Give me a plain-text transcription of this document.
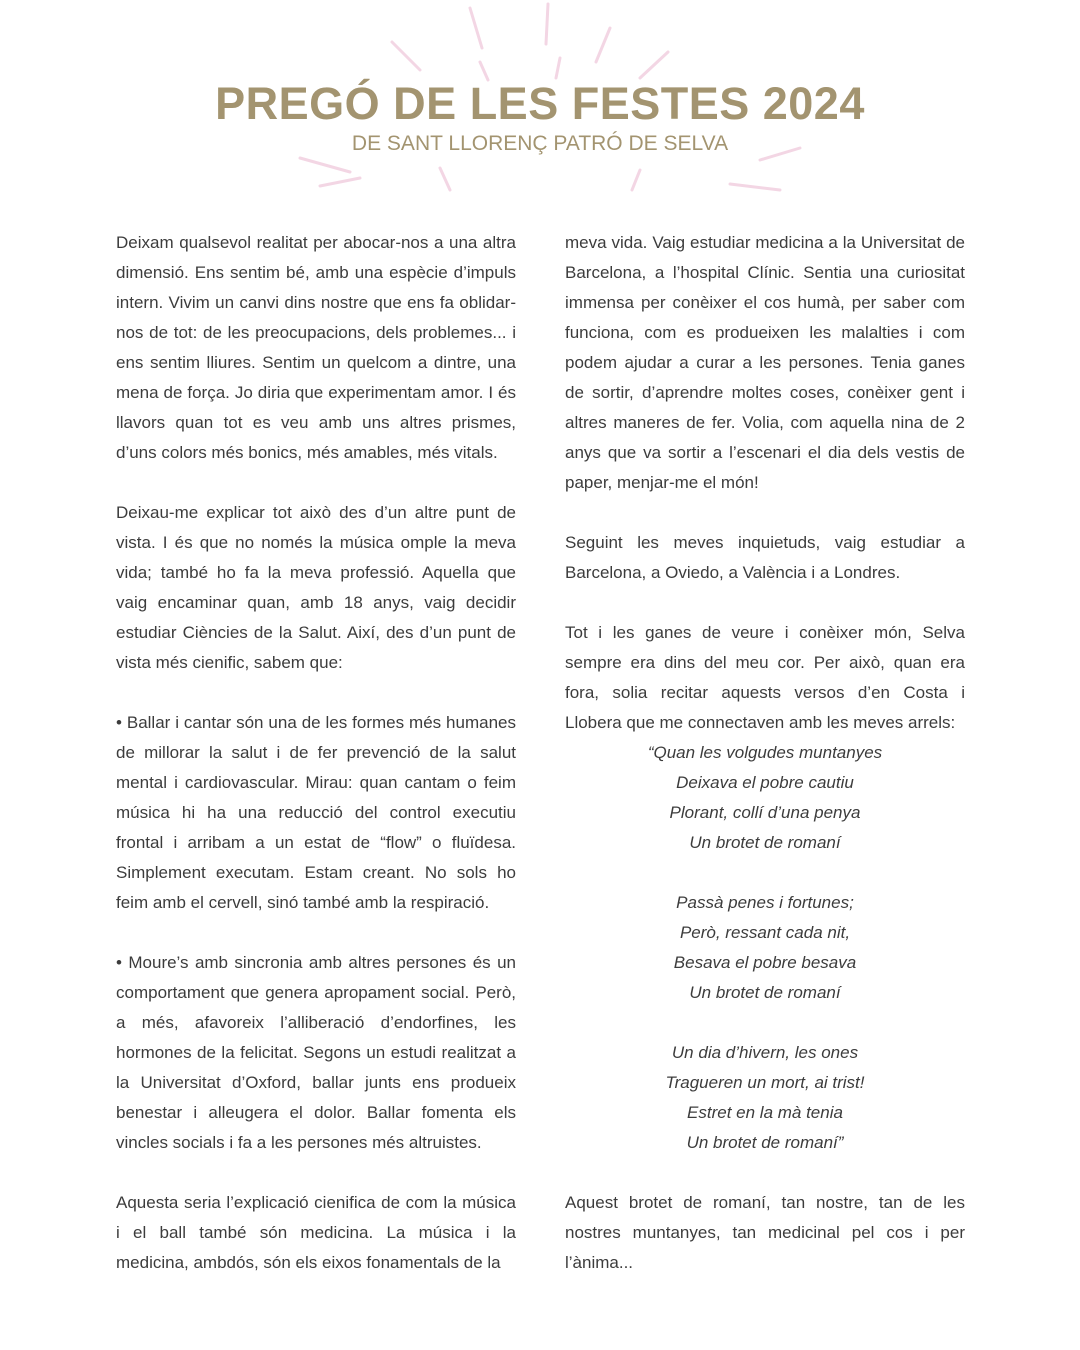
PREGÓ DE LES FESTES 2024

DE SANT LLORENÇ PATRÓ DE SELVA

Deixam qualsevol realitat per abocar-nos a una altra dimensió. Ens sentim bé, amb una espècie d’impuls intern. Vivim un canvi dins nostre que ens fa oblidar-nos de tot: de les preocupacions, dels problemes... i ens sentim lliures. Sentim un quelcom a dintre, una mena de força. Jo diria que experimentam amor. I és llavors quan tot es veu amb uns altres prismes, d’uns colors més bonics, més amables, més vitals.

Deixau-me explicar tot això des d’un altre punt de vista. I és que no només la música omple la meva vida; també ho fa la meva professió. Aquella que vaig encaminar quan, amb 18 anys, vaig decidir estudiar Ciències de la Salut. Així, des d’un punt de vista més cienific, sabem que:

• Ballar i cantar són una de les formes més humanes de millorar la salut i de fer prevenció de la salut mental i cardiovascular. Mirau: quan cantam o feim música hi ha una reducció del control executiu frontal i arribam a un estat de “flow” o fluïdesa. Simplement executam. Estam creant. No sols ho feim amb el cervell, sinó també amb la respiració.

• Moure’s amb sincronia amb altres persones és un comportament que genera apropament social. Però, a més, afavoreix l’alliberació d’endorfines, les hormones de la felicitat. Segons un estudi realitzat a la Universitat d’Oxford, ballar junts ens produeix benestar i alleugera el dolor. Ballar fomenta els vincles socials i fa a les persones més altruistes.

Aquesta seria l’explicació cienifica de com la música i el ball també són medicina. La música i la medicina, ambdós, són els eixos fonamentals de la

meva vida. Vaig estudiar medicina a la Universitat de Barcelona, a l’hospital Clínic. Sentia una curiositat immensa per conèixer el cos humà, per saber com funciona, com es produeixen les malalties i com podem ajudar a curar a les persones. Tenia ganes de sortir, d’aprendre moltes coses, conèixer gent i altres maneres de fer. Volia, com aquella nina de 2 anys que va sortir a l’escenari el dia dels vestis de paper, menjar-me el món!

Seguint les meves inquietuds, vaig estudiar a Barcelona, a Oviedo, a València i a Londres.

Tot i les ganes de veure i conèixer món, Selva sempre era dins del meu cor. Per això, quan era fora, solia recitar aquests versos d’en Costa i Llobera que me connectaven amb les meves arrels:

“Quan les volgudes muntanyes

Deixava el pobre cautiu

Plorant, collí d’una penya

Un brotet de romaní

Passà penes i fortunes;

Però, ressant cada nit,

Besava el pobre besava

Un brotet de romaní

Un dia d’hivern, les ones

Tragueren un mort, ai trist!

Estret en la mà tenia

Un brotet de romaní”

Aquest brotet de romaní, tan nostre, tan de les nostres muntanyes, tan medicinal pel cos i per l’ànima...
